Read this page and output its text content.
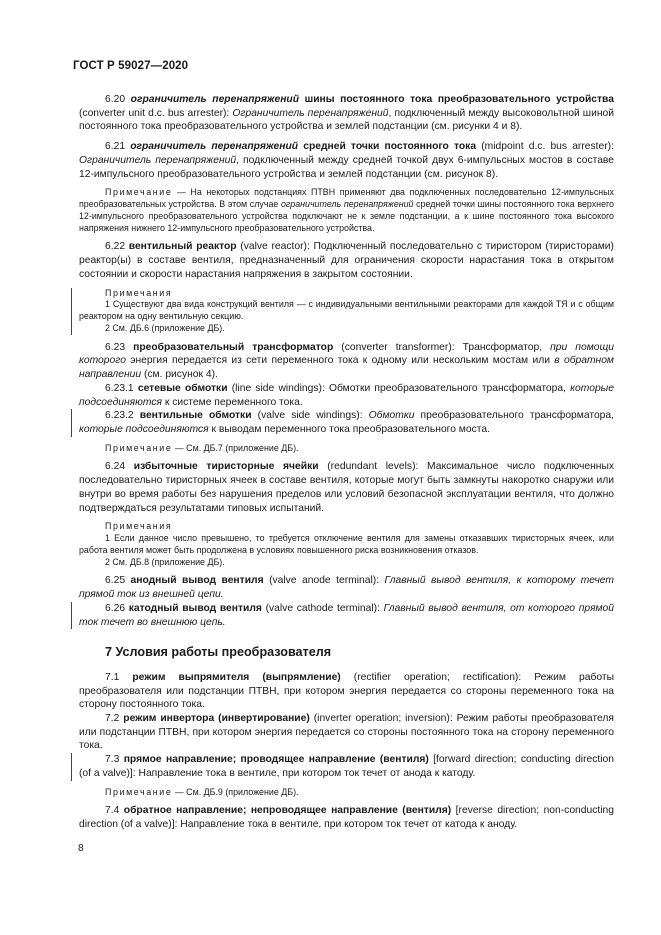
ГОСТ Р 59027—2020

6.20 ограничитель перенапряжений шины постоянного тока преобразовательного устройства (converter unit d.c. bus arrester): Ограничитель перенапряжений, подключенный между высоковольтной шиной постоянного тока преобразовательного устройства и землей подстанции (см. рисунки 4 и 8).

6.21 ограничитель перенапряжений средней точки постоянного тока (midpoint d.c. bus arrester): Ограничитель перенапряжений, подключенный между средней точкой двух 6-импульсных мостов в составе 12-импульсного преобразовательного устройства и землей подстанции (см. рисунок 8).

Примечание — На некоторых подстанциях ПТВН применяют два подключенных последовательно 12-импульсных преобразовательных устройства. В этом случае ограничитель перенапряжений средней точки шины постоянного тока верхнего 12-импульсного преобразовательного устройства подключают не к земле подстанции, а к шине постоянного тока высокого напряжения нижнего 12-импульсного преобразовательного устройства.

6.22 вентильный реактор (valve reactor): Подключенный последовательно с тиристором (тиристорами) реактор(ы) в составе вентиля, предназначенный для ограничения скорости нарастания тока в открытом состоянии и скорости нарастания напряжения в закрытом состоянии.

Примечания

1 Существуют два вида конструкций вентиля — с индивидуальными вентильными реакторами для каждой ТЯ и с общим реактором на одну вентильную секцию.

2 См. ДБ.6 (приложение ДБ).

6.23 преобразовательный трансформатор (converter transformer): Трансформатор, при помощи которого энергия передается из сети переменного тока к одному или нескольким мостам или в обратном направлении (см. рисунок 4).

6.23.1 сетевые обмотки (line side windings): Обмотки преобразовательного трансформатора, которые подсоединяются к системе переменного тока.

6.23.2 вентильные обмотки (valve side windings): Обмотки преобразовательного трансформатора, которые подсоединяются к выводам переменного тока преобразовательного моста.

Примечание — См. ДБ.7 (приложение ДБ).

6.24 избыточные тиристорные ячейки (redundant levels): Максимальное число подключенных последовательно тиристорных ячеек в составе вентиля, которые могут быть замкнуты накоротко снаружи или внутри во время работы без нарушения пределов или условий безопасной эксплуатации вентиля, что должно подтверждаться результатами типовых испытаний.

Примечания

1 Если данное число превышено, то требуется отключение вентиля для замены отказавших тиристорных ячеек, или работа вентиля может быть продолжена в условиях повышенного риска возникновения отказов.

2 См. ДБ.8 (приложение ДБ).

6.25 анодный вывод вентиля (valve anode terminal): Главный вывод вентиля, к которому течет прямой ток из внешней цепи.

6.26 катодный вывод вентиля (valve cathode terminal): Главный вывод вентиля, от которого прямой ток течет во внешнюю цепь.

7 Условия работы преобразователя

7.1 режим выпрямителя (выпрямление) (rectifier operation; rectification): Режим работы преобразователя или подстанции ПТВН, при котором энергия передается со стороны переменного тока на сторону постоянного тока.

7.2 режим инвертора (инвертирование) (inverter operation; inversion): Режим работы преобразователя или подстанции ПТВН, при котором энергия передается со стороны постоянного тока на сторону переменного тока.

7.3 прямое направление; проводящее направление (вентиля) [forward direction; conducting direction (of a valve)]: Направление тока в вентиле, при котором ток течет от анода к катоду.

Примечание — См. ДБ.9 (приложение ДБ).

7.4 обратное направление; непроводящее направление (вентиля) [reverse direction; non-conducting direction (of a valve)]: Направление тока в вентиле, при котором ток течет от катода к аноду.

8
